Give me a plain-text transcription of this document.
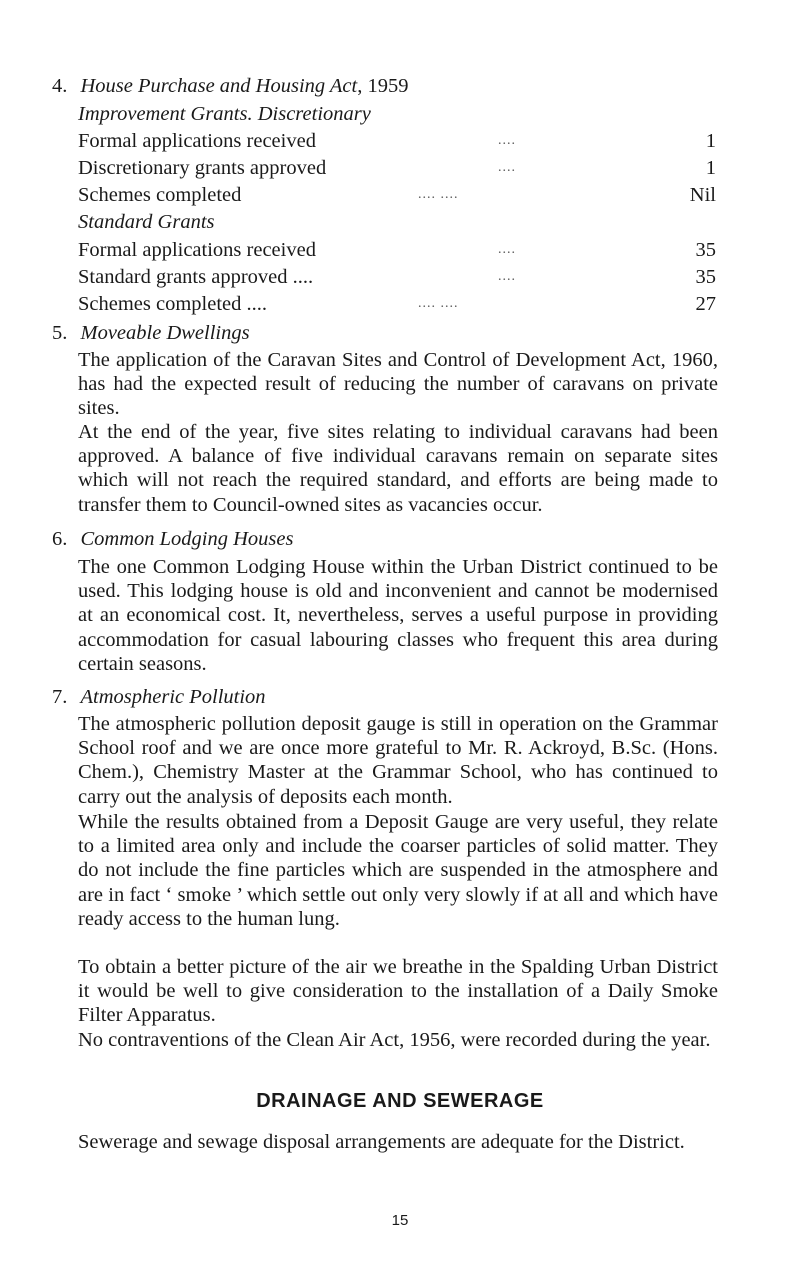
4. House Purchase and Housing Act, 1959
Improvement Grants. Discretionary
Formal applications received	....	1
Discretionary grants approved	....	1
Schemes completed	.... ....	Nil
Standard Grants
Formal applications received	....	35
Standard grants approved ....	....	35
Schemes completed ....	.... ....	27
5. Moveable Dwellings
The application of the Caravan Sites and Control of Development Act, 1960, has had the expected result of reducing the number of caravans on private sites.
At the end of the year, five sites relating to individual caravans had been approved. A balance of five individual caravans remain on separate sites which will not reach the required standard, and efforts are being made to transfer them to Council-owned sites as vacancies occur.
6. Common Lodging Houses
The one Common Lodging House within the Urban District continued to be used. This lodging house is old and inconvenient and cannot be modernised at an economical cost. It, nevertheless, serves a useful purpose in providing accommodation for casual labouring classes who frequent this area during certain seasons.
7. Atmospheric Pollution
The atmospheric pollution deposit gauge is still in operation on the Grammar School roof and we are once more grateful to Mr. R. Ackroyd, B.Sc. (Hons. Chem.), Chemistry Master at the Grammar School, who has continued to carry out the analysis of deposits each month.
While the results obtained from a Deposit Gauge are very useful, they relate to a limited area only and include the coarser particles of solid matter. They do not include the fine particles which are suspended in the atmosphere and are in fact ‘ smoke ’ which settle out only very slowly if at all and which have ready access to the human lung.
To obtain a better picture of the air we breathe in the Spalding Urban District it would be well to give consideration to the installation of a Daily Smoke Filter Apparatus.
No contraventions of the Clean Air Act, 1956, were recorded during the year.
DRAINAGE AND SEWERAGE
Sewerage and sewage disposal arrangements are adequate for the District.
15
